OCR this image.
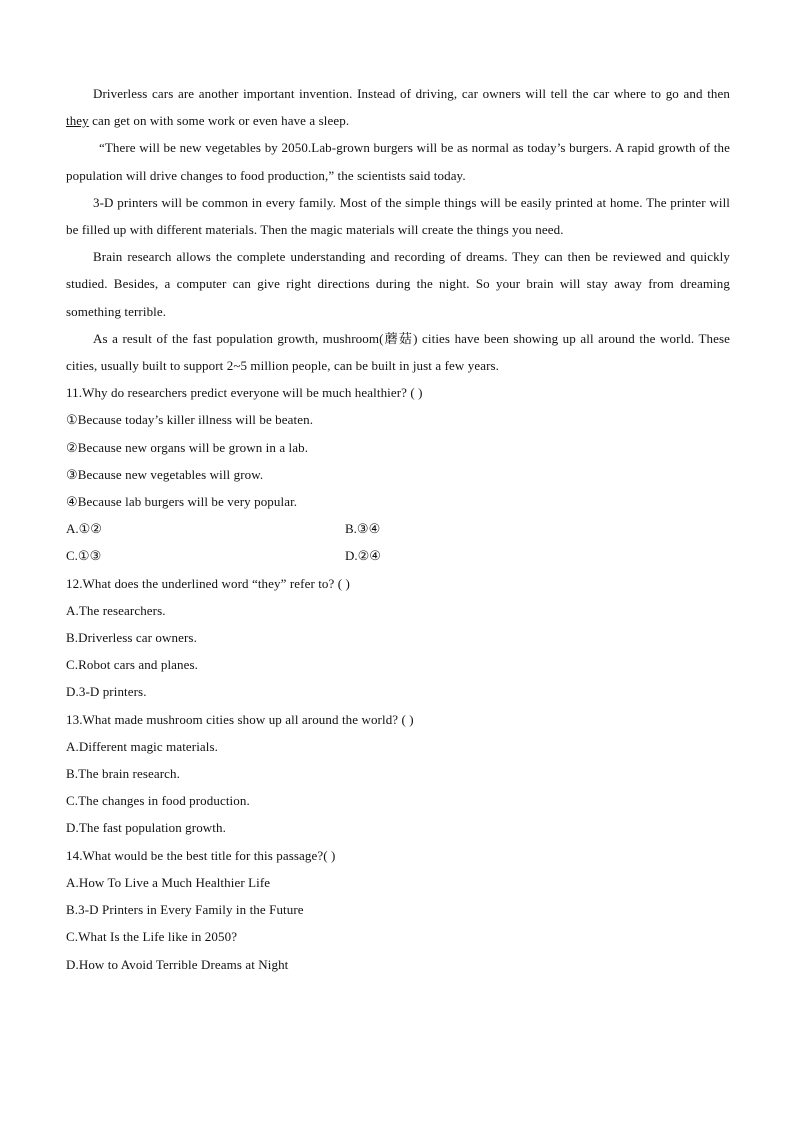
Driverless cars are another important invention. Instead of driving, car owners will tell the car where to go and then they can get on with some work or even have a sleep.

“There will be new vegetables by 2050.Lab-grown burgers will be as normal as today’s burgers. A rapid growth of the population will drive changes to food production,” the scientists said today.

3-D printers will be common in every family. Most of the simple things will be easily printed at home. The printer will be filled up with different materials. Then the magic materials will create the things you need.

Brain research allows the complete understanding and recording of dreams. They can then be reviewed and quickly studied. Besides, a computer can give right directions during the night. So your brain will stay away from dreaming something terrible.

As a result of the fast population growth, mushroom(蘑菇) cities have been showing up all around the world. These cities, usually built to support 2~5 million people, can be built in just a few years.

11.Why do researchers predict everyone will be much healthier? ( )

①Because today’s killer illness will be beaten.

②Because new organs will be grown in a lab.

③Because new vegetables will grow.

④Because lab burgers will be very popular.

A.①②	B.③④
C.①③	D.②④

12.What does the underlined word “they” refer to? ( )

A.The researchers.

B.Driverless car owners.

C.Robot cars and planes.

D.3-D printers.

13.What made mushroom cities show up all around the world? ( )

A.Different magic materials.

B.The brain research.

C.The changes in food production.

D.The fast population growth.

14.What would be the best title for this passage?( )

A.How To Live a Much Healthier Life

B.3-D Printers in Every Family in the Future

C.What Is the Life like in 2050?

D.How to Avoid Terrible Dreams at Night
